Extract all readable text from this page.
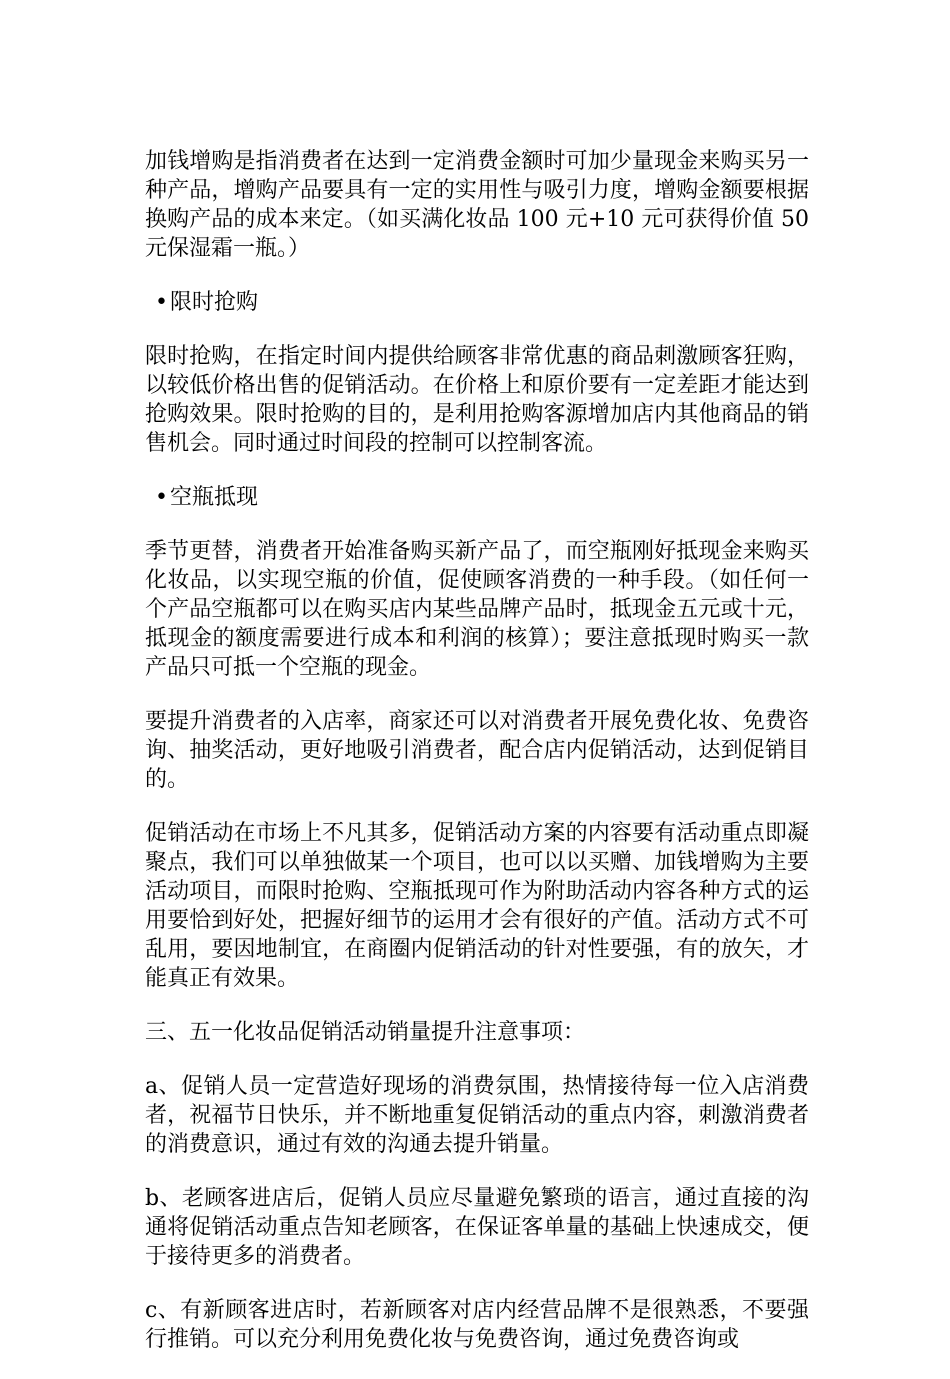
加钱增购是指消费者在达到一定消费金额时可加少量现金来购买另一种产品，增购产品要具有一定的实用性与吸引力度，增购金额要根据换购产品的成本来定。（如买满化妆品 100 元+10 元可获得价值 50 元保湿霜一瓶。）

•限时抢购

限时抢购，在指定时间内提供给顾客非常优惠的商品刺激顾客狂购，以较低价格出售的促销活动。在价格上和原价要有一定差距才能达到抢购效果。限时抢购的目的，是利用抢购客源增加店内其他商品的销售机会。同时通过时间段的控制可以控制客流。

•空瓶抵现

季节更替，消费者开始准备购买新产品了，而空瓶刚好抵现金来购买化妆品，以实现空瓶的价值，促使顾客消费的一种手段。（如任何一个产品空瓶都可以在购买店内某些品牌产品时，抵现金五元或十元，抵现金的额度需要进行成本和利润的核算）；要注意抵现时购买一款产品只可抵一个空瓶的现金。

要提升消费者的入店率，商家还可以对消费者开展免费化妆、免费咨询、抽奖活动，更好地吸引消费者，配合店内促销活动，达到促销目的。

促销活动在市场上不凡其多，促销活动方案的内容要有活动重点即凝聚点，我们可以单独做某一个项目，也可以以买赠、加钱增购为主要活动项目，而限时抢购、空瓶抵现可作为附助活动内容各种方式的运用要恰到好处，把握好细节的运用才会有很好的产值。活动方式不可乱用，要因地制宜，在商圈内促销活动的针对性要强，有的放矢，才能真正有效果。

三、五一化妆品促销活动销量提升注意事项：

a、促销人员一定营造好现场的消费氛围，热情接待每一位入店消费者，祝福节日快乐，并不断地重复促销活动的重点内容，刺激消费者的消费意识，通过有效的沟通去提升销量。

b、老顾客进店后，促销人员应尽量避免繁琐的语言，通过直接的沟通将促销活动重点告知老顾客，在保证客单量的基础上快速成交，便于接待更多的消费者。

c、有新顾客进店时，若新顾客对店内经营品牌不是很熟悉，不要强行推销。可以充分利用免费化妆与免费咨询，通过免费咨询或
